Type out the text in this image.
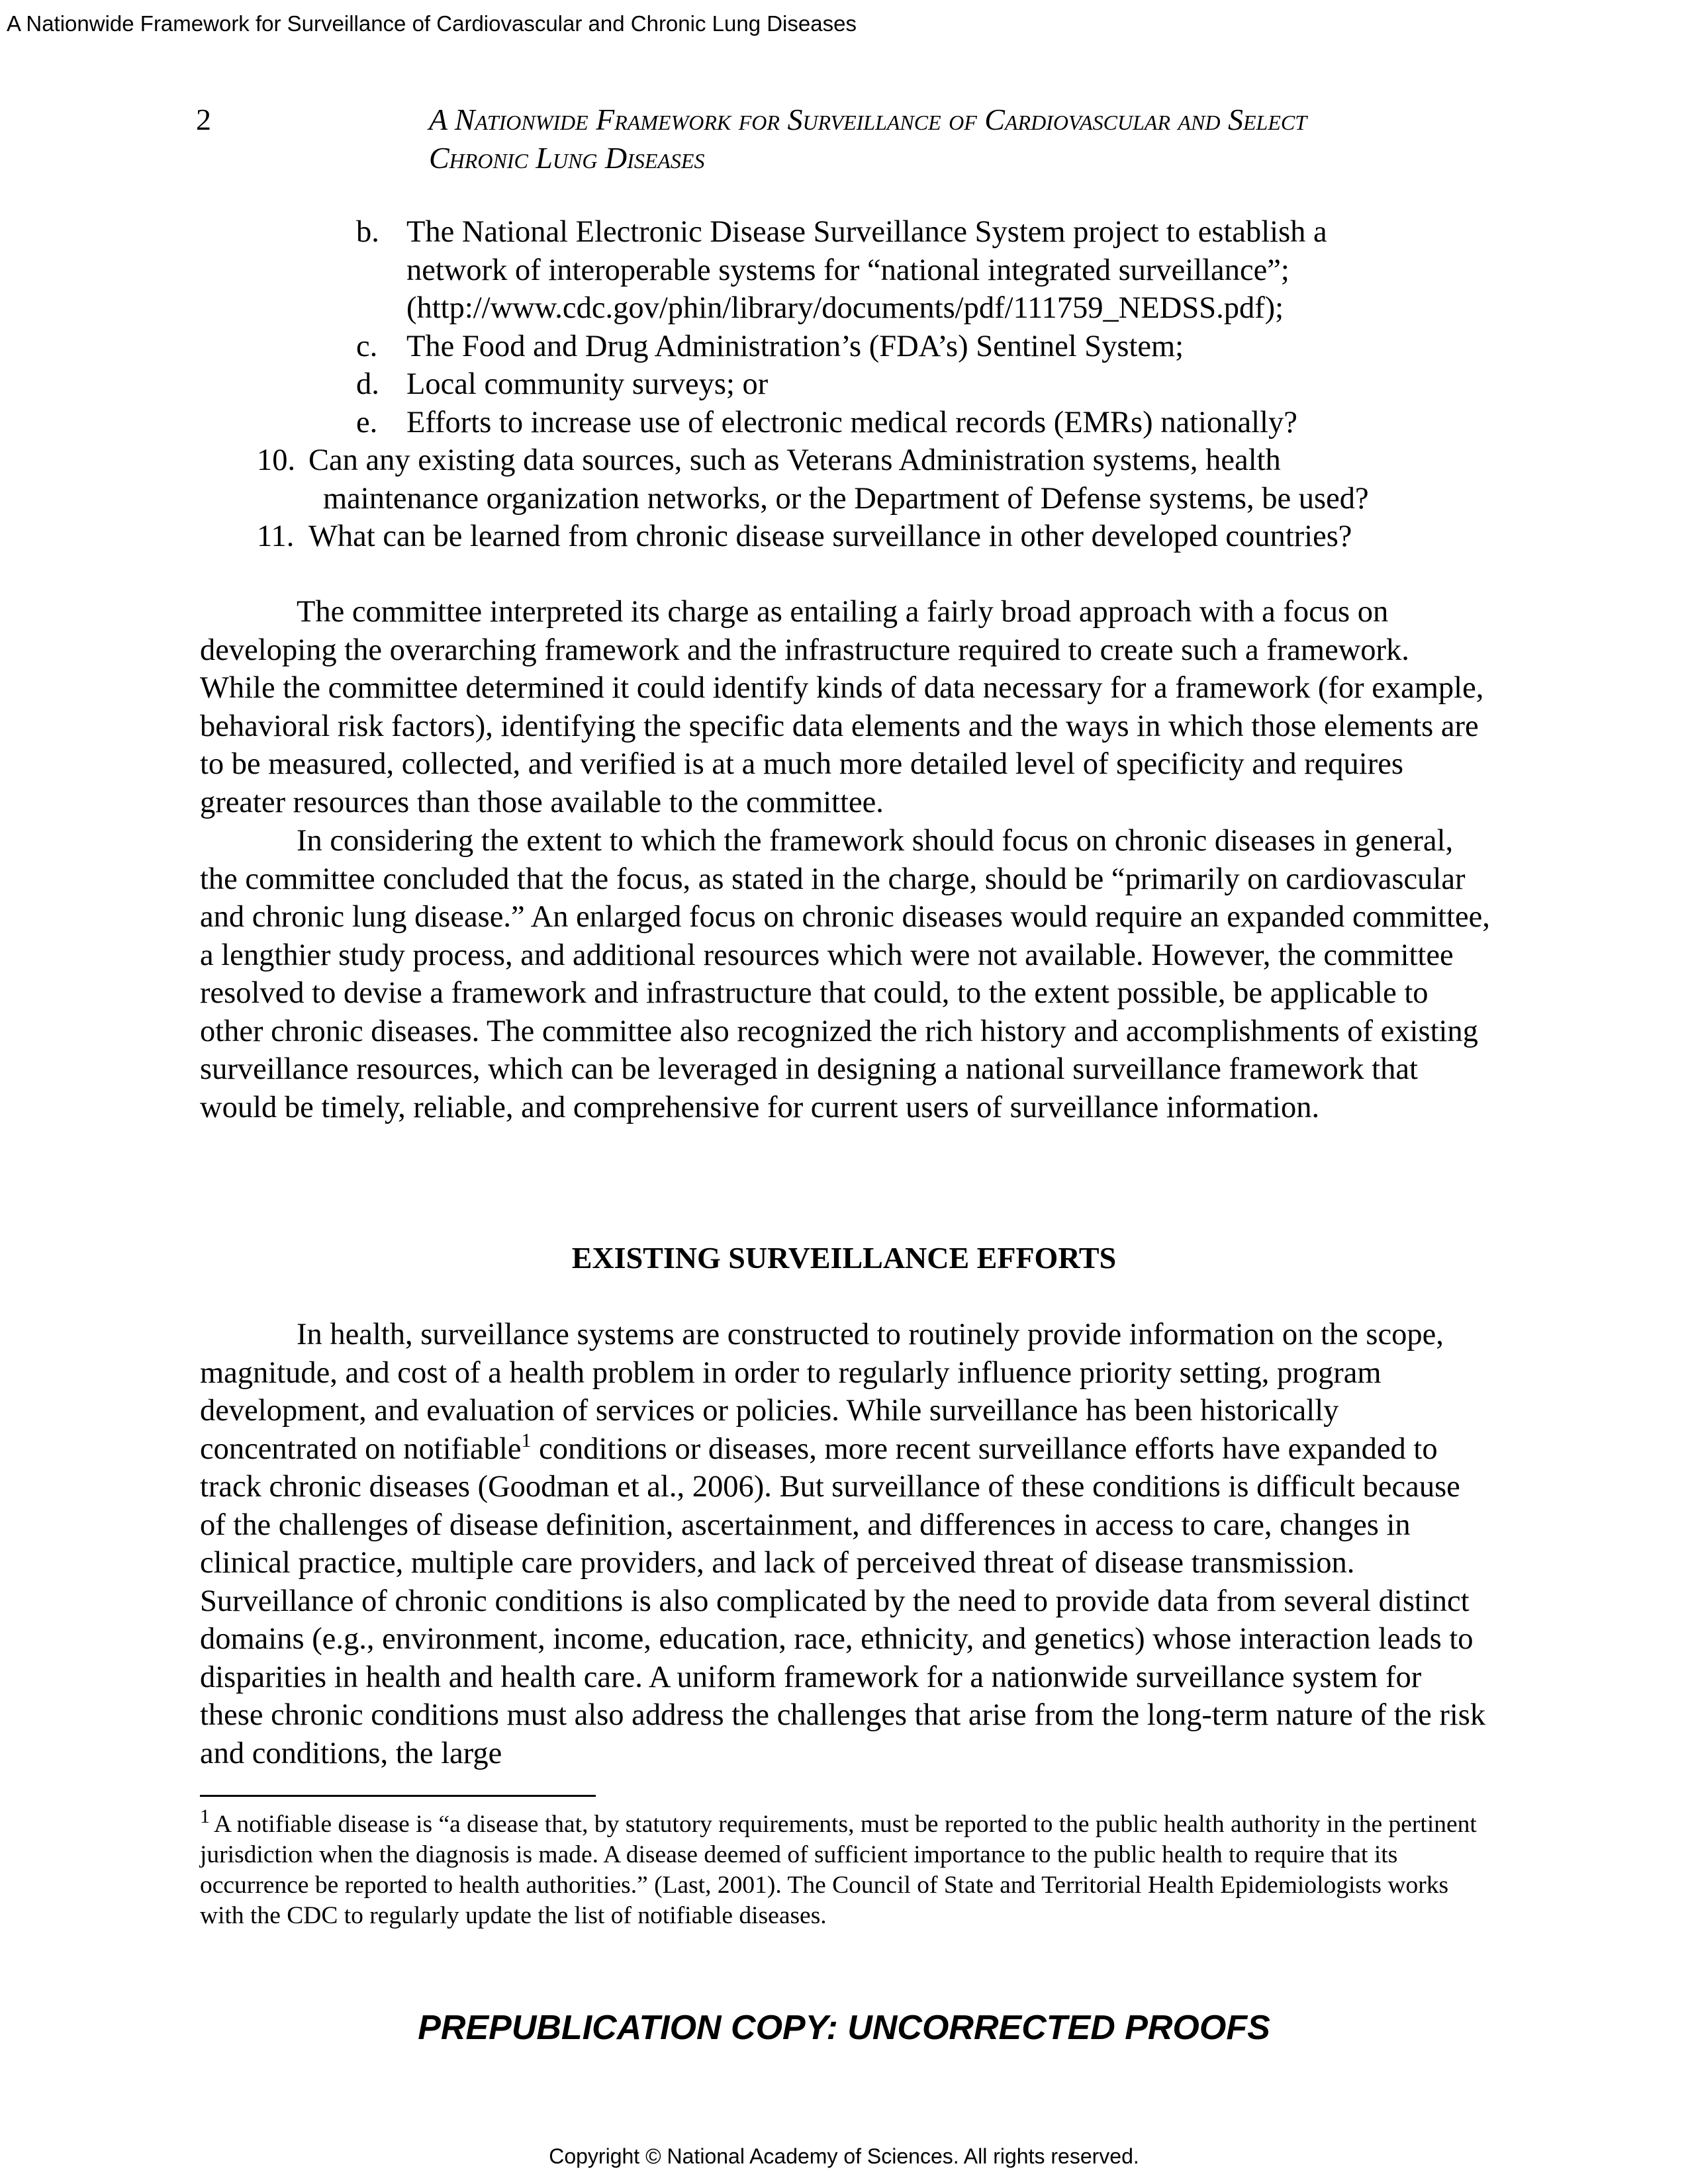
A Nationwide Framework for Surveillance of Cardiovascular and Chronic Lung Diseases
2	A Nationwide Framework for Surveillance of Cardiovascular and Select
Chronic Lung Diseases
b. The National Electronic Disease Surveillance System project to establish a
network of interoperable systems for “national integrated surveillance”;
(http://www.cdc.gov/phin/library/documents/pdf/111759_NEDSS.pdf);
c. The Food and Drug Administration’s (FDA’s) Sentinel System;
d. Local community surveys; or
e. Efforts to increase use of electronic medical records (EMRs) nationally?
10. Can any existing data sources, such as Veterans Administration systems, health
maintenance organization networks, or the Department of Defense systems, be used?
11. What can be learned from chronic disease surveillance in other developed countries?

The committee interpreted its charge as entailing a fairly broad approach with a focus on developing the overarching framework and the infrastructure required to create such a framework. While the committee determined it could identify kinds of data necessary for a framework (for example, behavioral risk factors), identifying the specific data elements and the ways in which those elements are to be measured, collected, and verified is at a much more detailed level of specificity and requires greater resources than those available to the committee.

In considering the extent to which the framework should focus on chronic diseases in general, the committee concluded that the focus, as stated in the charge, should be “primarily on cardiovascular and chronic lung disease.” An enlarged focus on chronic diseases would require an expanded committee, a lengthier study process, and additional resources which were not available. However, the committee resolved to devise a framework and infrastructure that could, to the extent possible, be applicable to other chronic diseases. The committee also recognized the rich history and accomplishments of existing surveillance resources, which can be leveraged in designing a national surveillance framework that would be timely, reliable, and comprehensive for current users of surveillance information.

EXISTING SURVEILLANCE EFFORTS

In health, surveillance systems are constructed to routinely provide information on the scope, magnitude, and cost of a health problem in order to regularly influence priority setting, program development, and evaluation of services or policies. While surveillance has been historically concentrated on notifiable$^1$ conditions or diseases, more recent surveillance efforts have expanded to track chronic diseases (Goodman et al., 2006). But surveillance of these conditions is difficult because of the challenges of disease definition, ascertainment, and differences in access to care, changes in clinical practice, multiple care providers, and lack of perceived threat of disease transmission. Surveillance of chronic conditions is also complicated by the need to provide data from several distinct domains (e.g., environment, income, education, race, ethnicity, and genetics) whose interaction leads to disparities in health and health care. A uniform framework for a nationwide surveillance system for these chronic conditions must also address the challenges that arise from the long-term nature of the risk and conditions, the large

$^1$ A notifiable disease is “a disease that, by statutory requirements, must be reported to the public health authority in the pertinent jurisdiction when the diagnosis is made. A disease deemed of sufficient importance to the public health to require that its occurrence be reported to health authorities.” (Last, 2001). The Council of State and Territorial Health Epidemiologists works with the CDC to regularly update the list of notifiable diseases.

PREPUBLICATION COPY: UNCORRECTED PROOFS
Copyright © National Academy of Sciences. All rights reserved.
